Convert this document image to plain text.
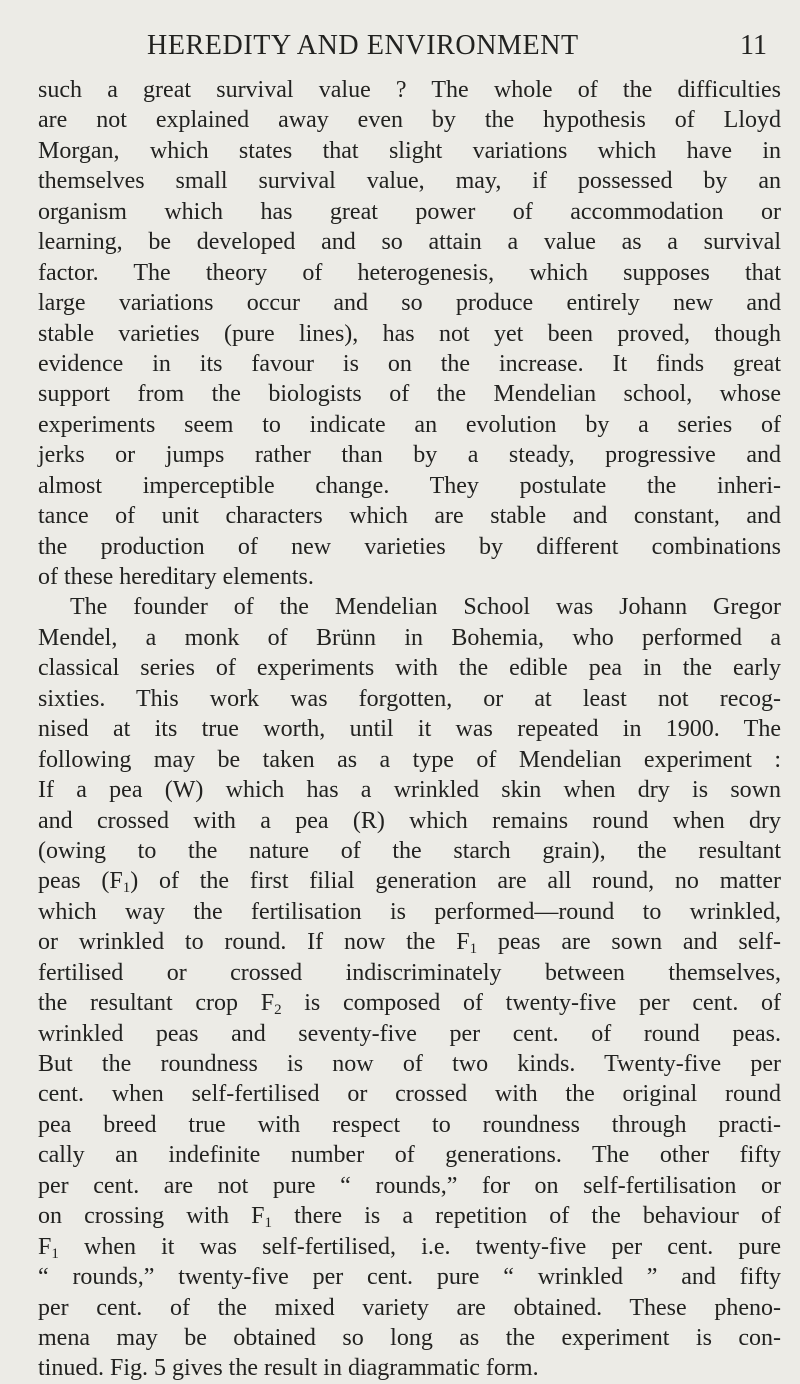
HEREDITY AND ENVIRONMENT	11
such a great survival value ? The whole of the difficulties
are not explained away even by the hypothesis of Lloyd
Morgan, which states that slight variations which have in
themselves small survival value, may, if possessed by an
organism which has great power of accommodation or
learning, be developed and so attain a value as a survival
factor. The theory of heterogenesis, which supposes that
large variations occur and so produce entirely new and
stable varieties (pure lines), has not yet been proved, though
evidence in its favour is on the increase. It finds great
support from the biologists of the Mendelian school, whose
experiments seem to indicate an evolution by a series of
jerks or jumps rather than by a steady, progressive and
almost imperceptible change. They postulate the inheri-
tance of unit characters which are stable and constant, and
the production of new varieties by different combinations
of these hereditary elements.
The founder of the Mendelian School was Johann Gregor
Mendel, a monk of Brünn in Bohemia, who performed a
classical series of experiments with the edible pea in the early
sixties. This work was forgotten, or at least not recog-
nised at its true worth, until it was repeated in 1900. The
following may be taken as a type of Mendelian experiment :
If a pea (W) which has a wrinkled skin when dry is sown
and crossed with a pea (R) which remains round when dry
(owing to the nature of the starch grain), the resultant
peas $(F_1)$ of the first filial generation are all round, no matter
which way the fertilisation is performed—round to wrinkled,
or wrinkled to round. If now the $F_1$ peas are sown and self-
fertilised or crossed indiscriminately between themselves,
the resultant crop $F_2$ is composed of twenty-five per cent. of
wrinkled peas and seventy-five per cent. of round peas.
But the roundness is now of two kinds. Twenty-five per
cent. when self-fertilised or crossed with the original round
pea breed true with respect to roundness through practi-
cally an indefinite number of generations. The other fifty
per cent. are not pure “ rounds,” for on self-fertilisation or
on crossing with $F_1$ there is a repetition of the behaviour of
$F_1$ when it was self-fertilised, i.e. twenty-five per cent. pure
“ rounds,” twenty-five per cent. pure “ wrinkled ” and fifty
per cent. of the mixed variety are obtained. These pheno-
mena may be obtained so long as the experiment is con-
tinued. Fig. 5 gives the result in diagrammatic form.
